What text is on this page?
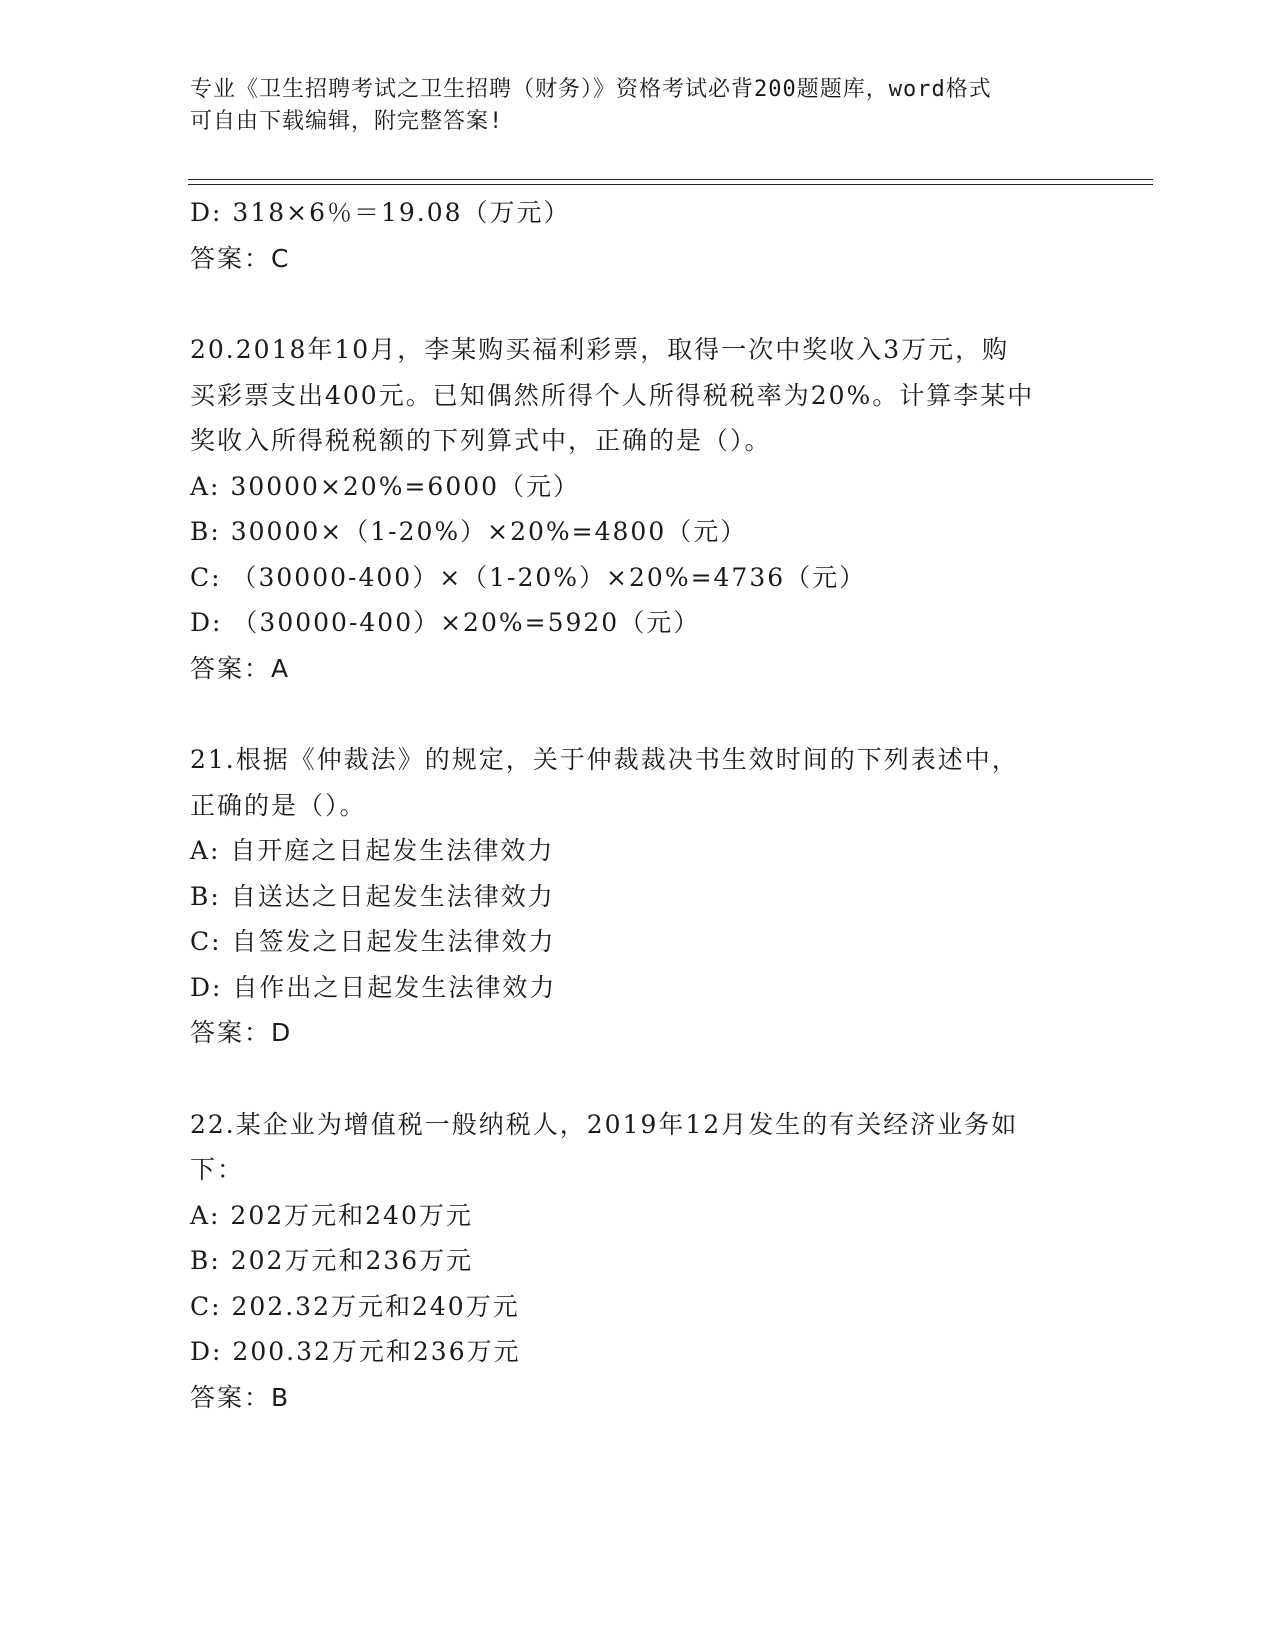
专业《卫生招聘考试之卫生招聘（财务）》资格考试必背200题题库，word格式
可自由下载编辑，附完整答案!
D: 318×6％＝19.08（万元）
答案：C
20.2018年10月，李某购买福利彩票，取得一次中奖收入3万元，购
买彩票支出400元。已知偶然所得个人所得税税率为20%。计算李某中
奖收入所得税税额的下列算式中，正确的是（）。
A: 30000×20%=6000（元）
B: 30000×（1-20%）×20%=4800（元）
C: （30000-400）×（1-20%）×20%=4736（元）
D: （30000-400）×20%=5920（元）
答案：A
21.根据《仲裁法》的规定，关于仲裁裁决书生效时间的下列表述中，
正确的是（）。
A: 自开庭之日起发生法律效力
B: 自送达之日起发生法律效力
C: 自签发之日起发生法律效力
D: 自作出之日起发生法律效力
答案：D
22.某企业为增值税一般纳税人，2019年12月发生的有关经济业务如
下：
A: 202万元和240万元
B: 202万元和236万元
C: 202.32万元和240万元
D: 200.32万元和236万元
答案：B
